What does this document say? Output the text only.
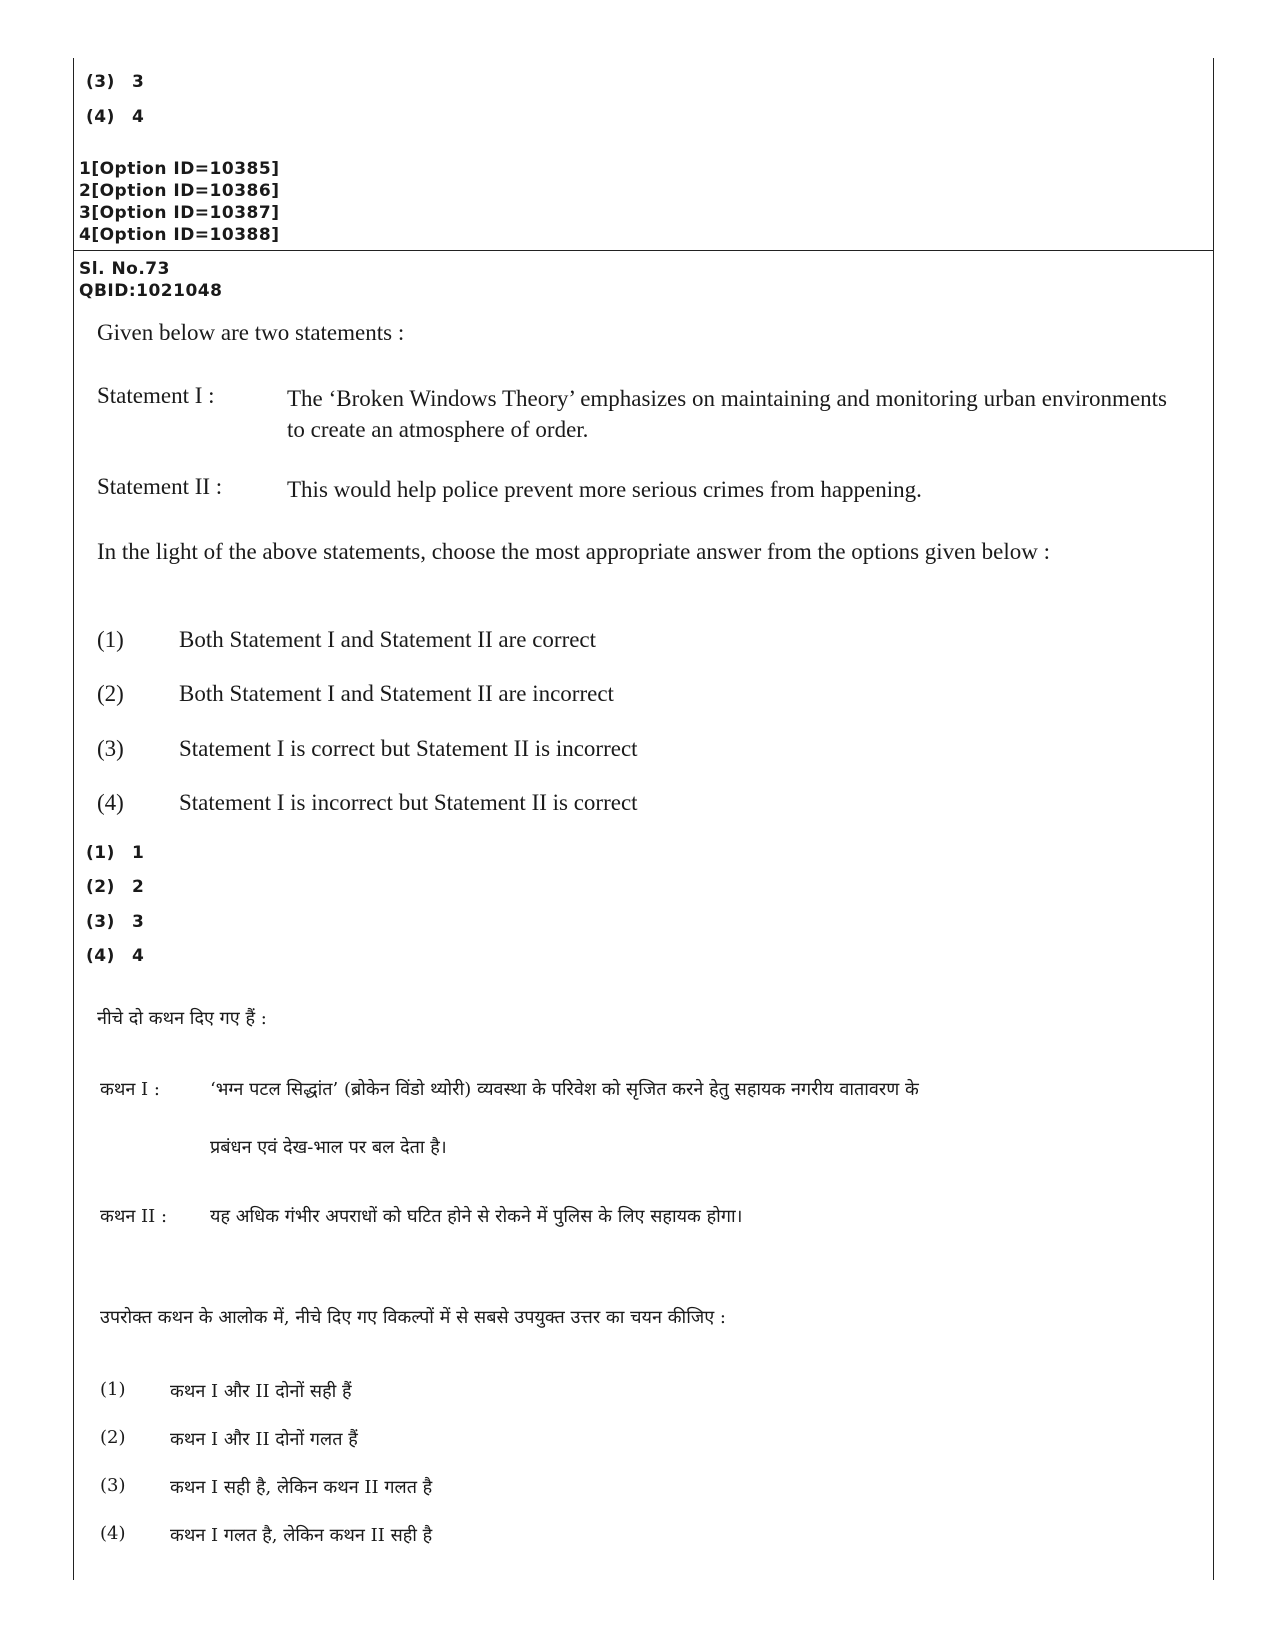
(3) 3
(4) 4
1[Option ID=10385]
2[Option ID=10386]
3[Option ID=10387]
4[Option ID=10388]
Sl. No.73
QBID:1021048
Given below are two statements :
Statement I :	The ‘Broken Windows Theory’ emphasizes on maintaining and monitoring urban environments to create an atmosphere of order.
Statement II :	This would help police prevent more serious crimes from happening.
In the light of the above statements, choose the most appropriate answer from the options given below :
(1) Both Statement I and Statement II are correct
(2) Both Statement I and Statement II are incorrect
(3) Statement I is correct but Statement II is incorrect
(4) Statement I is incorrect but Statement II is correct
(1) 1
(2) 2
(3) 3
(4) 4
नीचे दो कथन दिए गए हैं :
कथन I :	‘भग्न पटल सिद्धांत’ (ब्रोकेन विंडो थ्योरी) व्यवस्था के परिवेश को सृजित करने हेतु सहायक नगरीय वातावरण के
प्रबंधन एवं देख-भाल पर बल देता है।
कथन II : यह अधिक गंभीर अपराधों को घटित होने से रोकने में पुलिस के लिए सहायक होगा।
उपरोक्त कथन के आलोक में, नीचे दिए गए विकल्पों में से सबसे उपयुक्त उत्तर का चयन कीजिए :
(1) कथन I और II दोनों सही हैं
(2) कथन I और II दोनों गलत हैं
(3) कथन I सही है, लेकिन कथन II गलत है
(4) कथन I गलत है, लेकिन कथन II सही है
